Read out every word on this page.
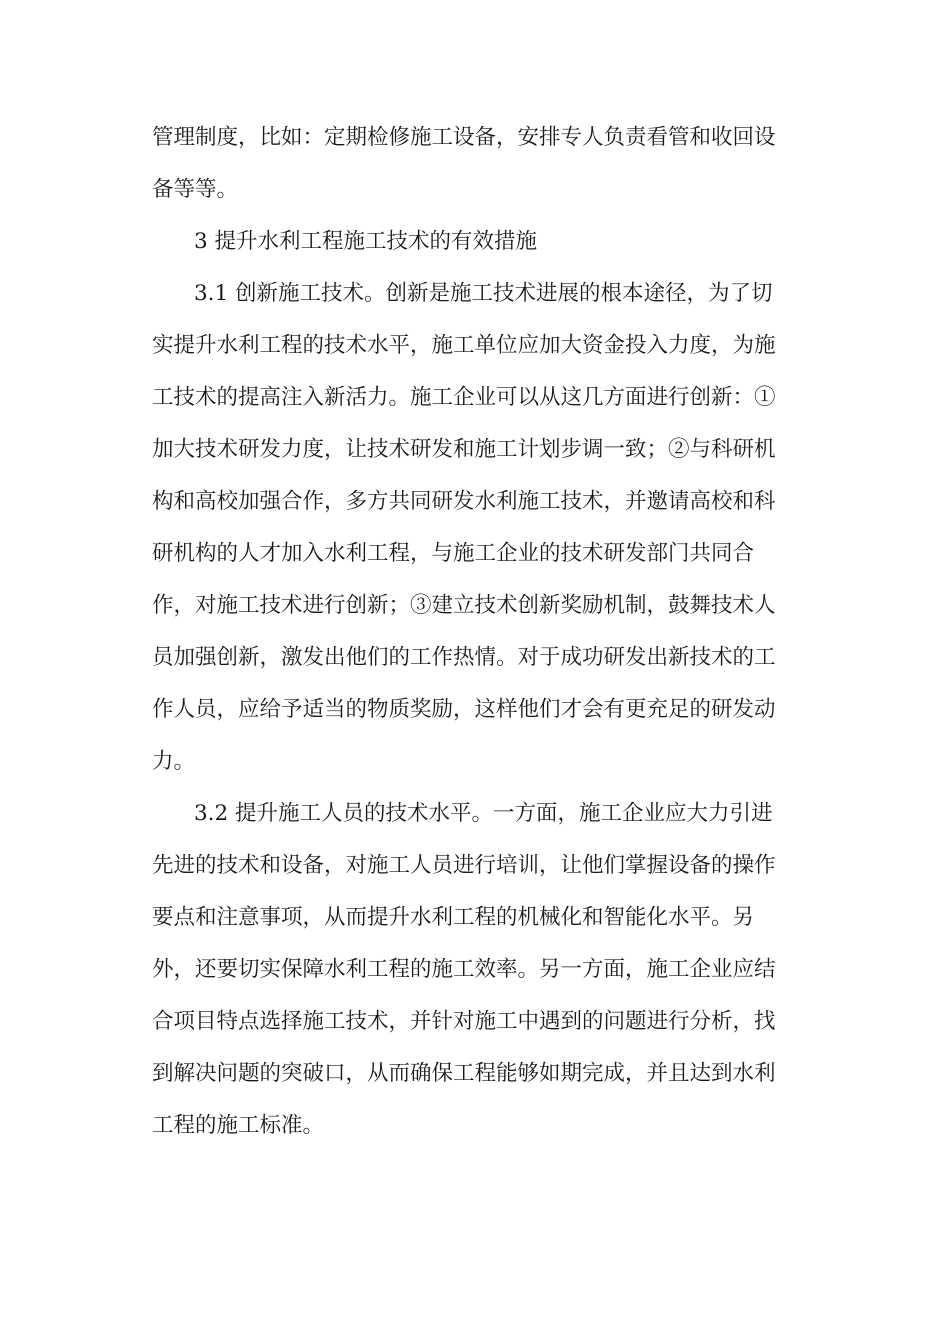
管理制度，比如：定期检修施工设备，安排专人负责看管和收回设
备等等。
3 提升水利工程施工技术的有效措施
3.1 创新施工技术。创新是施工技术进展的根本途径，为了切
实提升水利工程的技术水平，施工单位应加大资金投入力度，为施
工技术的提高注入新活力。施工企业可以从这几方面进行创新：①
加大技术研发力度，让技术研发和施工计划步调一致；②与科研机
构和高校加强合作，多方共同研发水利施工技术，并邀请高校和科
研机构的人才加入水利工程，与施工企业的技术研发部门共同合
作，对施工技术进行创新；③建立技术创新奖励机制，鼓舞技术人
员加强创新，激发出他们的工作热情。对于成功研发出新技术的工
作人员，应给予适当的物质奖励，这样他们才会有更充足的研发动
力。
3.2 提升施工人员的技术水平。一方面，施工企业应大力引进
先进的技术和设备，对施工人员进行培训，让他们掌握设备的操作
要点和注意事项，从而提升水利工程的机械化和智能化水平。另
外，还要切实保障水利工程的施工效率。另一方面，施工企业应结
合项目特点选择施工技术，并针对施工中遇到的问题进行分析，找
到解决问题的突破口，从而确保工程能够如期完成，并且达到水利
工程的施工标准。
